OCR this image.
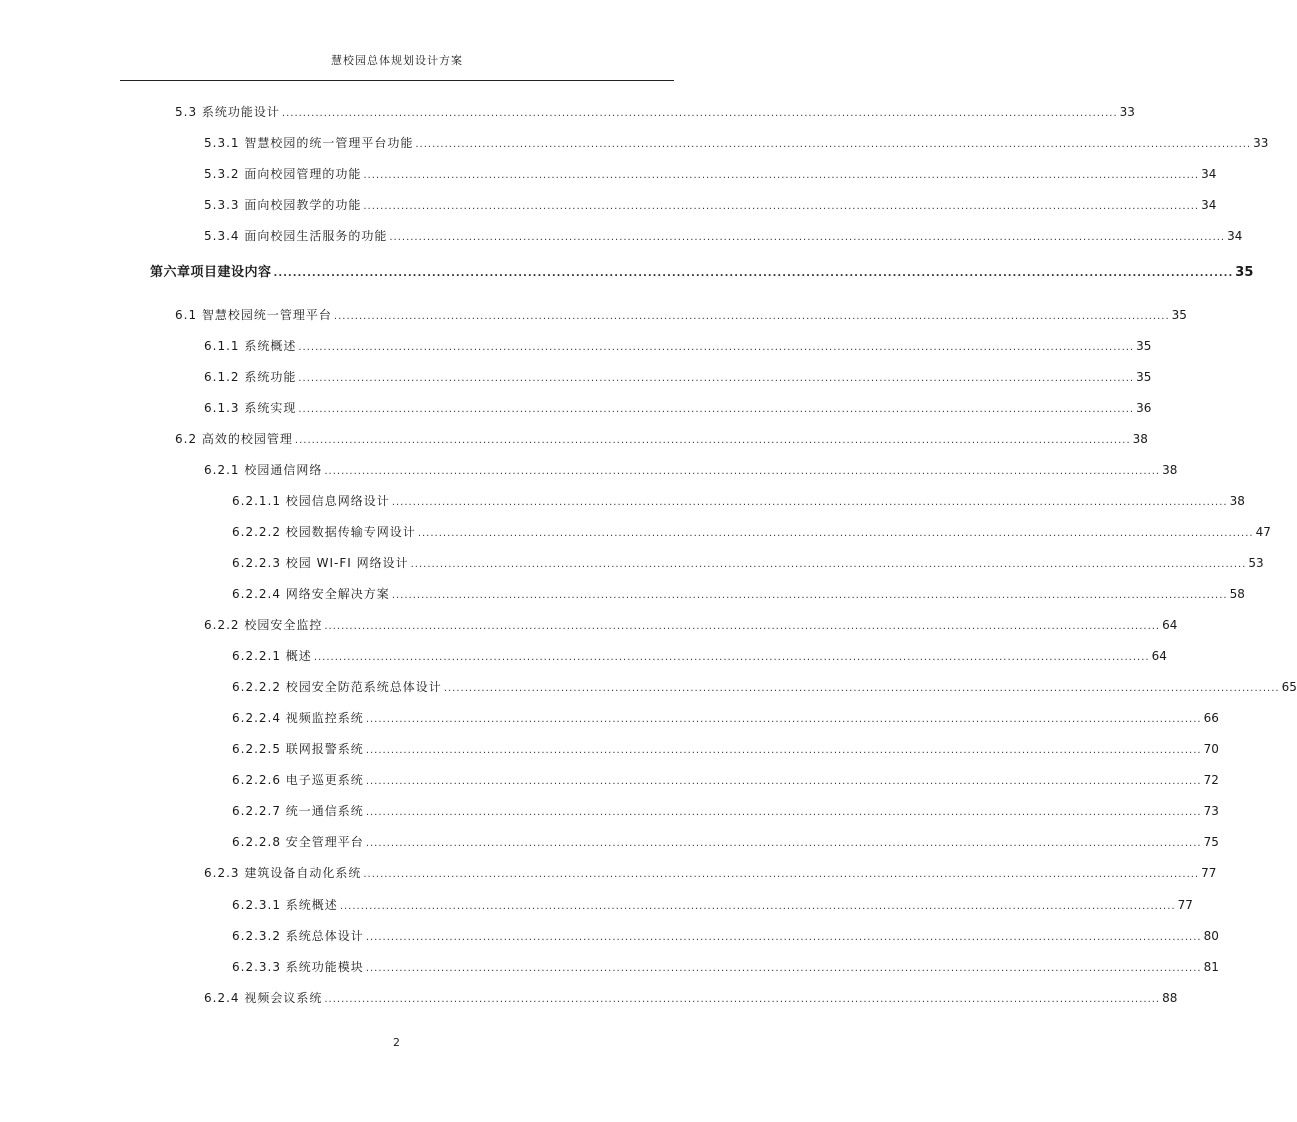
慧校园总体规划设计方案
5.3 系统功能设计 ........................................................................................................................................................................................................ 33
5.3.1 智慧校园的统一管理平台功能 ........................................................................................................................................................................................................ 33
5.3.2 面向校园管理的功能 ........................................................................................................................................................................................................ 34
5.3.3 面向校园教学的功能 ........................................................................................................................................................................................................ 34
5.3.4 面向校园生活服务的功能 ........................................................................................................................................................................................................ 34
第六章项目建设内容 ........................................................................................................................................................................................................ 35
6.1 智慧校园统一管理平台 ........................................................................................................................................................................................................ 35
6.1.1 系统概述 ........................................................................................................................................................................................................ 35
6.1.2 系统功能 ........................................................................................................................................................................................................ 35
6.1.3 系统实现 ........................................................................................................................................................................................................ 36
6.2 高效的校园管理 ........................................................................................................................................................................................................ 38
6.2.1 校园通信网络 ........................................................................................................................................................................................................ 38
6.2.1.1 校园信息网络设计 ........................................................................................................................................................................................................ 38
6.2.2.2 校园数据传输专网设计 ........................................................................................................................................................................................................ 47
6.2.2.3 校园 WI-FI 网络设计 ........................................................................................................................................................................................................ 53
6.2.2.4 网络安全解决方案 ........................................................................................................................................................................................................ 58
6.2.2 校园安全监控 ........................................................................................................................................................................................................ 64
6.2.2.1 概述 ........................................................................................................................................................................................................ 64
6.2.2.2 校园安全防范系统总体设计 ........................................................................................................................................................................................................ 65
6.2.2.4 视频监控系统 ........................................................................................................................................................................................................ 66
6.2.2.5 联网报警系统 ........................................................................................................................................................................................................ 70
6.2.2.6 电子巡更系统 ........................................................................................................................................................................................................ 72
6.2.2.7 统一通信系统 ........................................................................................................................................................................................................ 73
6.2.2.8 安全管理平台 ........................................................................................................................................................................................................ 75
6.2.3 建筑设备自动化系统 ........................................................................................................................................................................................................ 77
6.2.3.1 系统概述 ........................................................................................................................................................................................................ 77
6.2.3.2 系统总体设计 ........................................................................................................................................................................................................ 80
6.2.3.3 系统功能模块 ........................................................................................................................................................................................................ 81
6.2.4 视频会议系统 ........................................................................................................................................................................................................ 88
2
